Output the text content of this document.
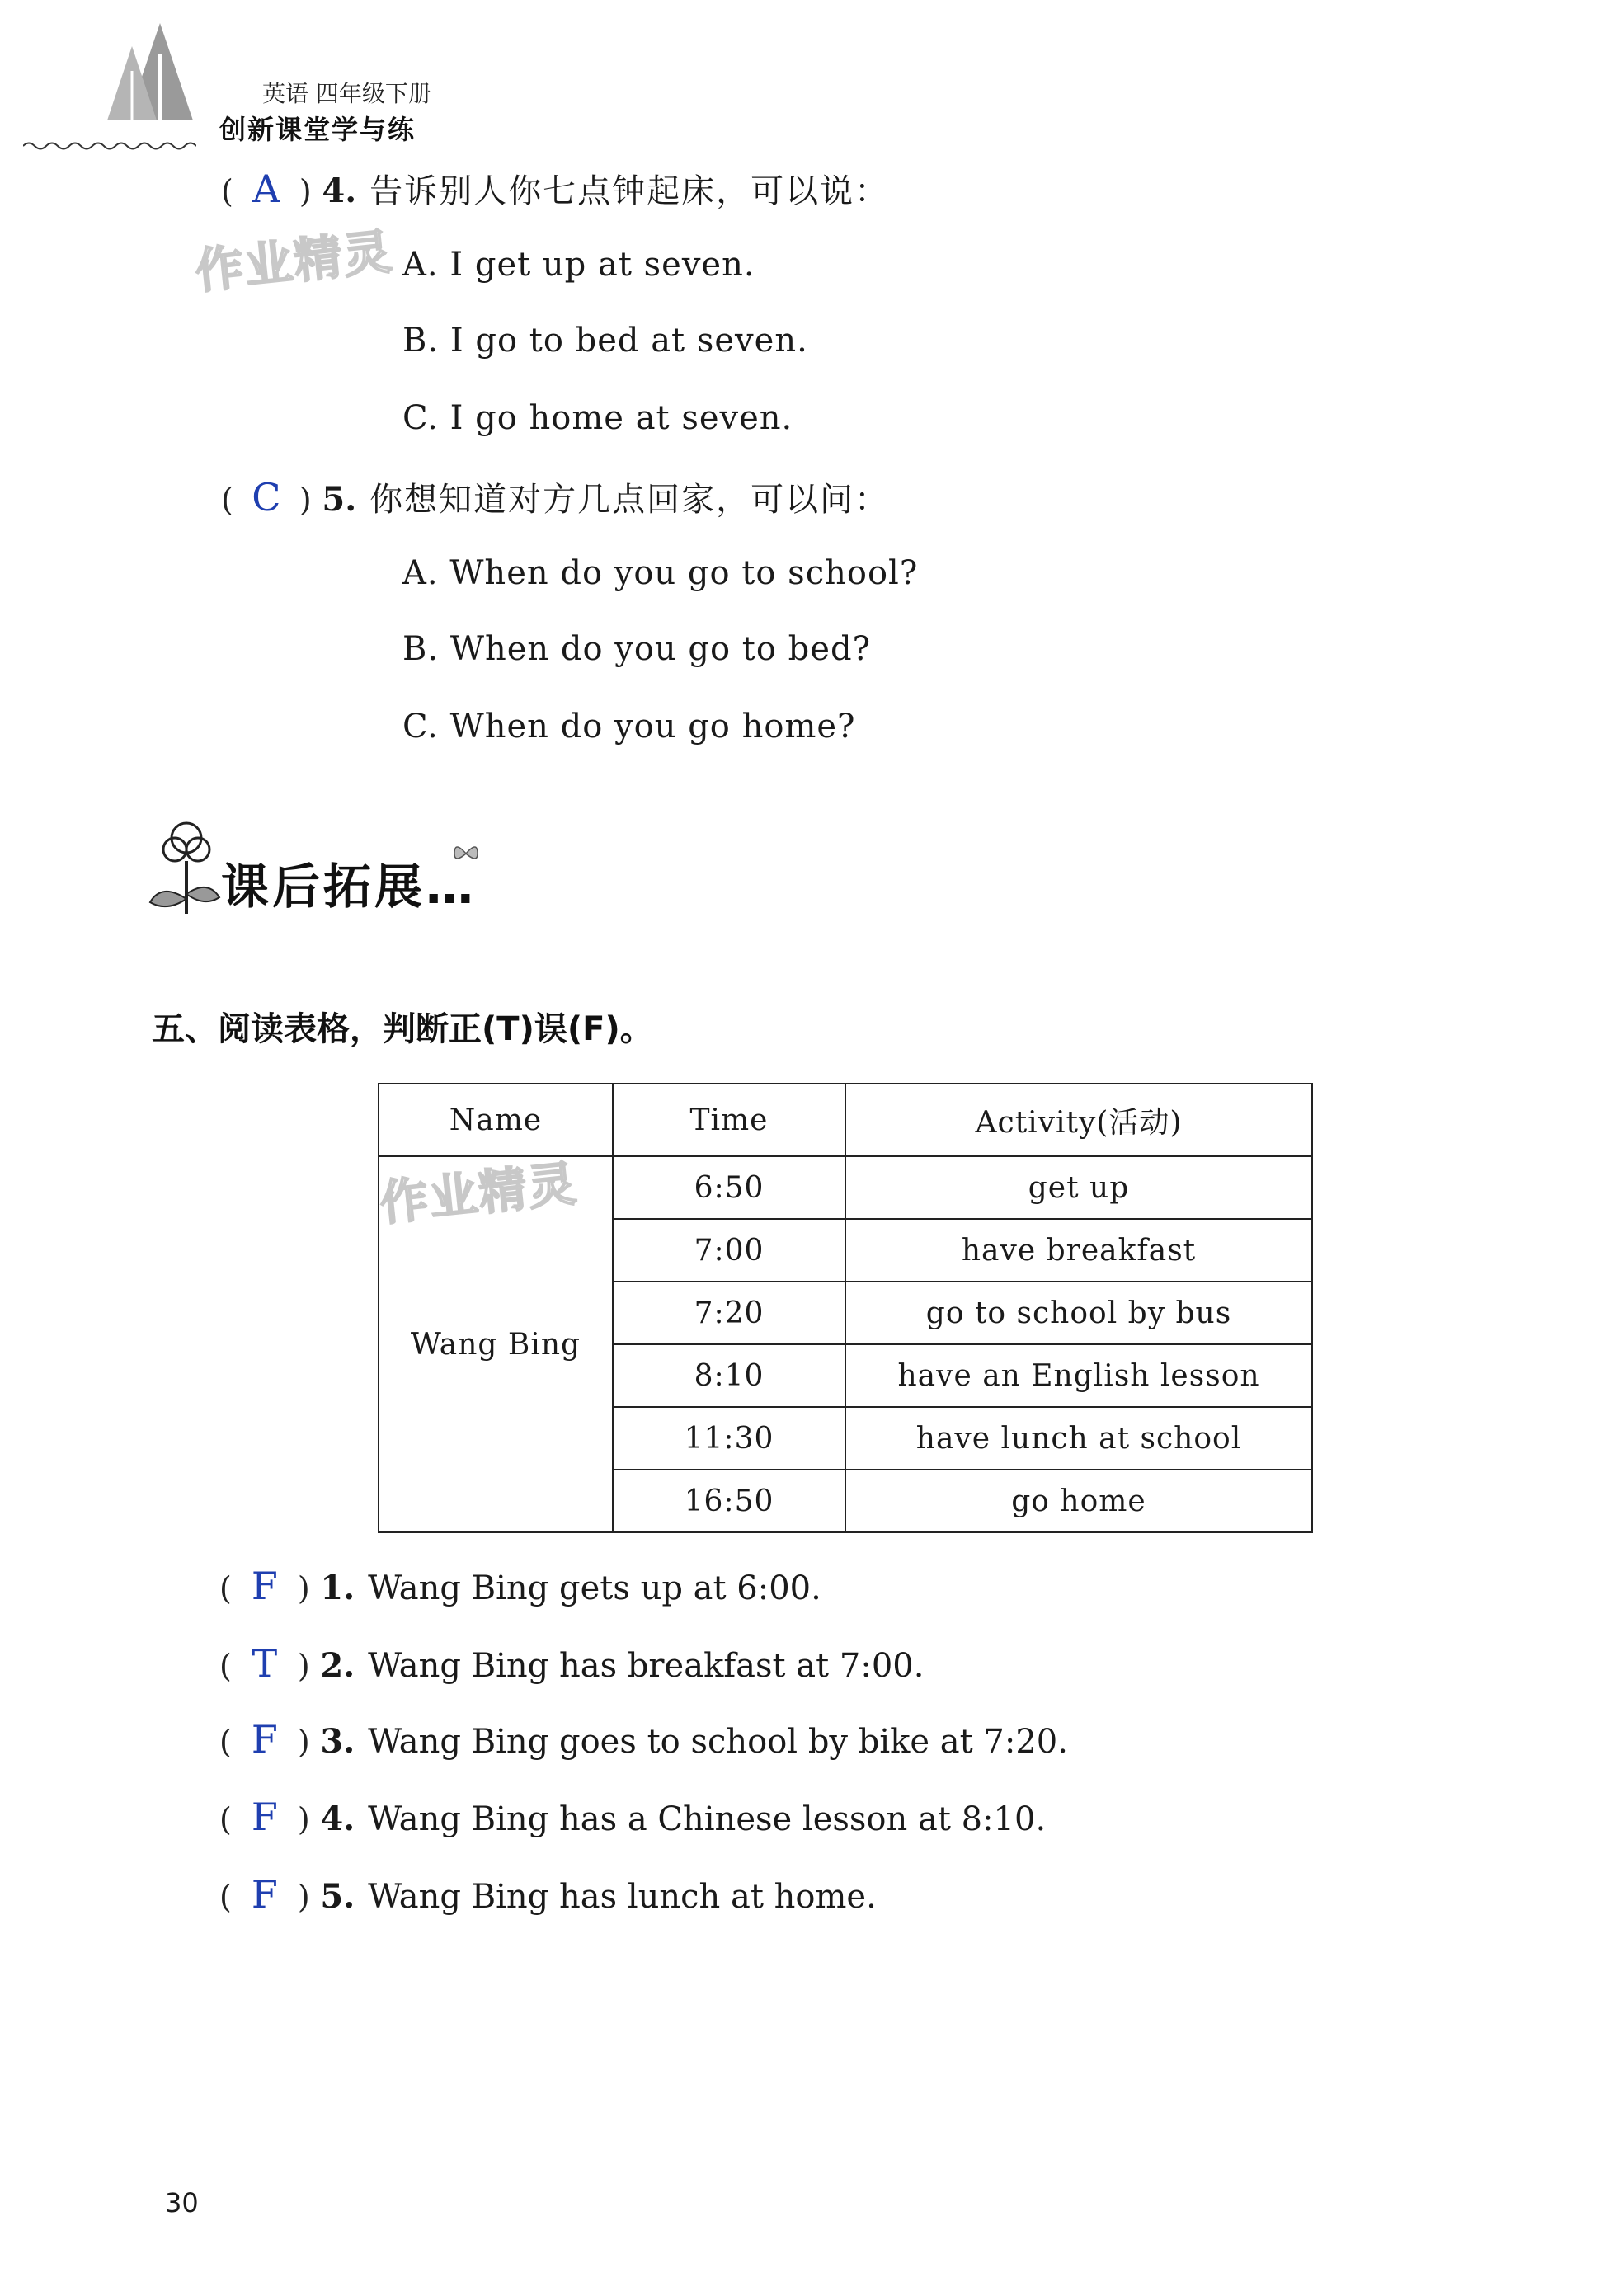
英语 四年级下册
创新课堂学与练
作业精灵
作业精灵
( A ) 4. 告诉别人你七点钟起床，可以说：
A. I get up at seven.
B. I go to bed at seven.
C. I go home at seven.
( C ) 5. 你想知道对方几点回家，可以问：
A. When do you go to school?
B. When do you go to bed?
C. When do you go home?
课后拓展…
五、阅读表格，判断正(T)误(F)。
Name	Time	Activity(活动)
Wang Bing	6:50	get up
	7:00	have breakfast
	7:20	go to school by bus
	8:10	have an English lesson
	11:30	have lunch at school
	16:50	go home
( F ) 1. Wang Bing gets up at 6:00.
( T ) 2. Wang Bing has breakfast at 7:00.
( F ) 3. Wang Bing goes to school by bike at 7:20.
( F ) 4. Wang Bing has a Chinese lesson at 8:10.
( F ) 5. Wang Bing has lunch at home.
30
